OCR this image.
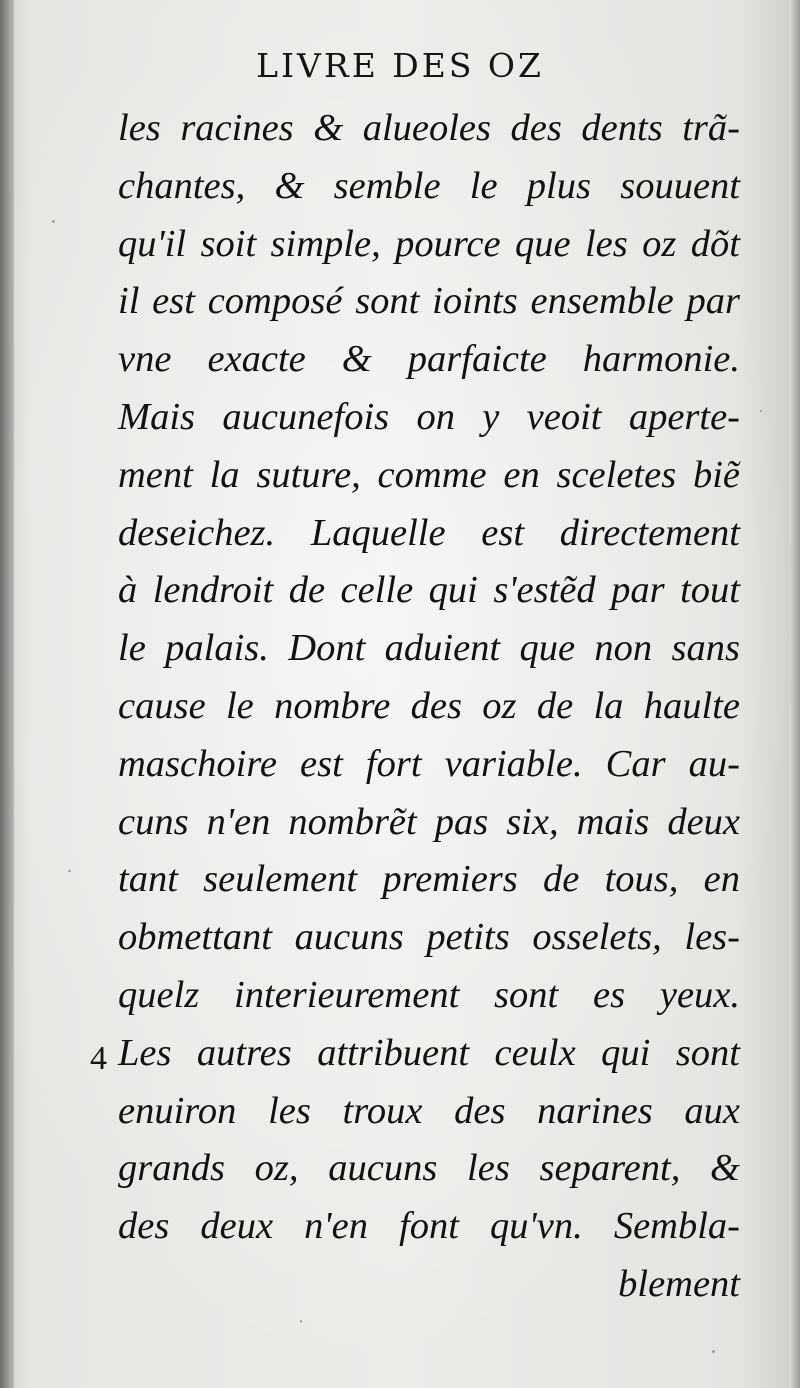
LIVRE DES OZ
4
les racines & alueoles des dents trã-
chantes, & semble le plus souuent
qu'il soit simple, pource que les oz dõt
il est composé sont ioints ensemble par
vne exacte & parfaicte harmonie.
Mais aucunefois on y veoit aperte-
ment la suture, comme en sceletes biẽ
deseichez. Laquelle est directement
à lendroit de celle qui s'estẽd par tout
le palais. Dont aduient que non sans
cause le nombre des oz de la haulte
maschoire est fort variable. Car au-
cuns n'en nombrẽt pas six, mais deux
tant seulement premiers de tous, en
obmettant aucuns petits osselets, les-
quelz interieurement sont es yeux.
Les autres attribuent ceulx qui sont
enuiron les troux des narines aux
grands oz, aucuns les separent, &
des deux n'en font qu'vn. Sembla-
blement
